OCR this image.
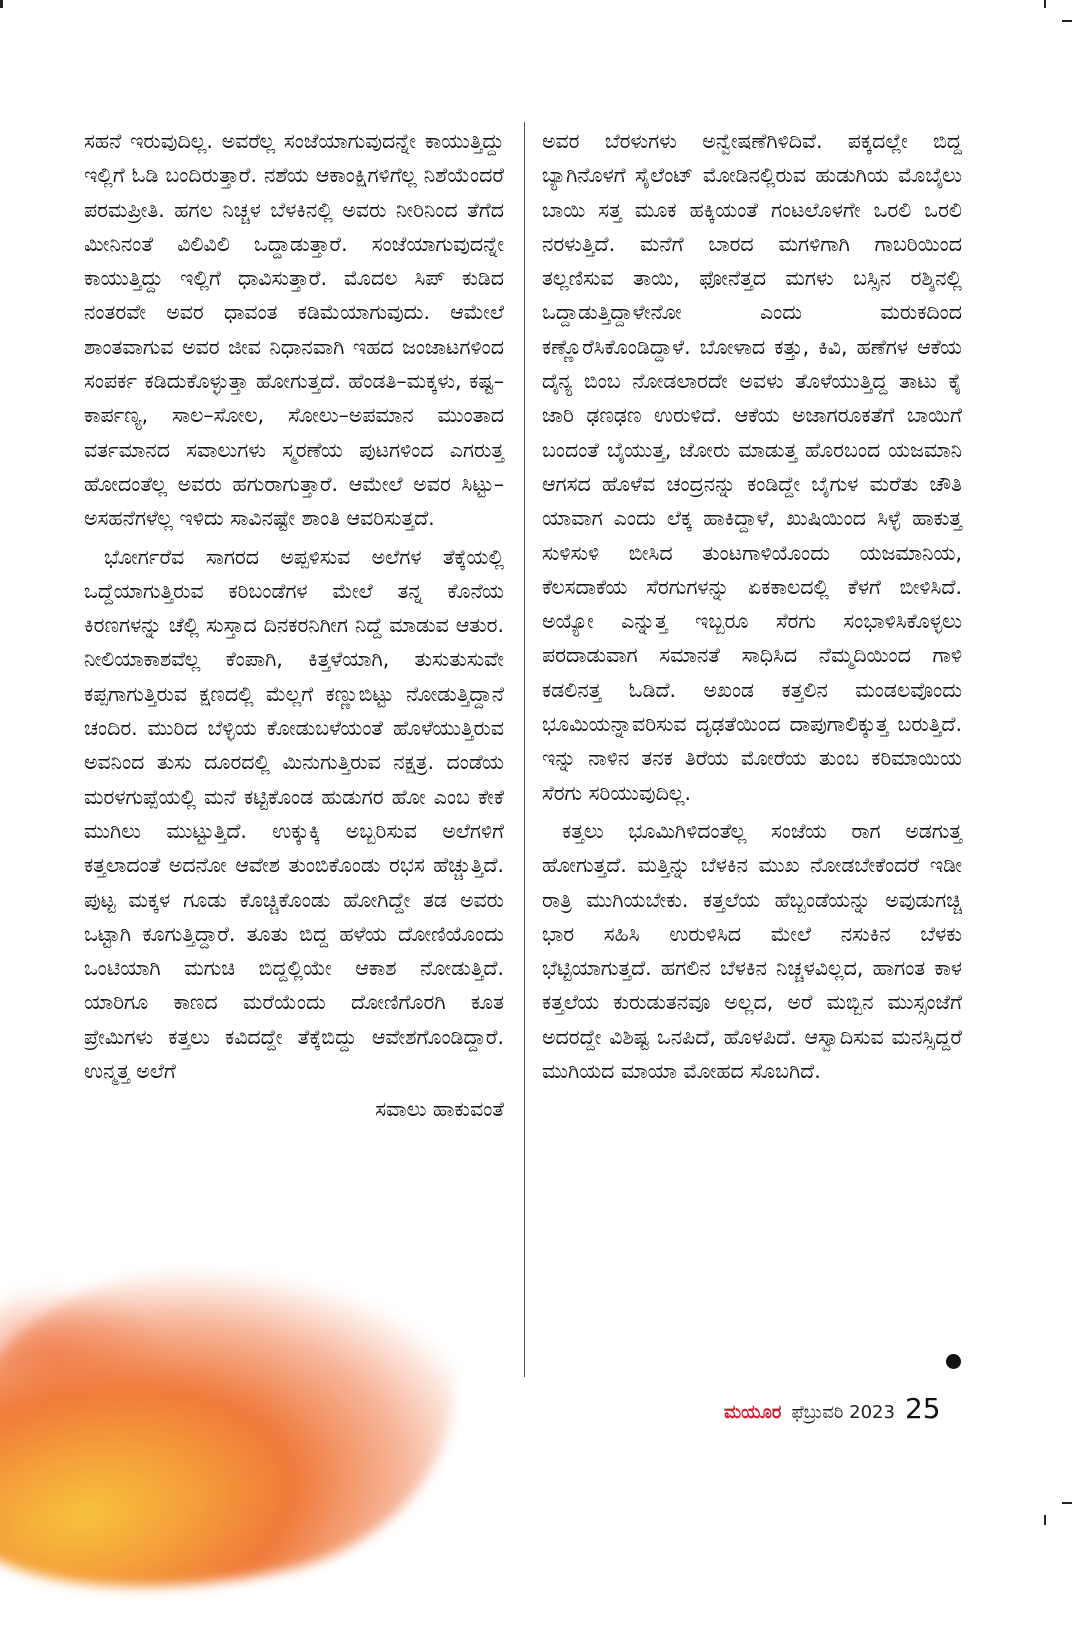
ಸಹನೆ ಇರುವುದಿಲ್ಲ. ಅವರೆಲ್ಲ ಸಂಜೆಯಾಗುವುದನ್ನೇ ಕಾಯುತ್ತಿದ್ದು ಇಲ್ಲಿಗೆ ಓಡಿ ಬಂದಿರುತ್ತಾರೆ. ನಶೆಯ ಆಕಾಂಕ್ಷಿಗಳಿಗೆಲ್ಲ ನಿಶೆಯೆಂದರೆ ಪರಮಪ್ರೀತಿ. ಹಗಲ ನಿಚ್ಚಳ ಬೆಳಕಿನಲ್ಲಿ ಅವರು ನೀರಿನಿಂದ ತೆಗೆದ ಮೀನಿನಂತೆ ವಿಲಿವಿಲಿ ಒದ್ದಾಡುತ್ತಾರೆ. ಸಂಜೆಯಾಗುವುದನ್ನೇ ಕಾಯುತ್ತಿದ್ದು ಇಲ್ಲಿಗೆ ಧಾವಿಸುತ್ತಾರೆ. ಮೊದಲ ಸಿಪ್ ಕುಡಿದ ನಂತರವೇ ಅವರ ಧಾವಂತ ಕಡಿಮೆಯಾಗುವುದು. ಆಮೇಲೆ ಶಾಂತವಾಗುವ ಅವರ ಜೀವ ನಿಧಾನವಾಗಿ ಇಹದ ಜಂಜಾಟಗಳಿಂದ ಸಂಪರ್ಕ ಕಡಿದುಕೊಳ್ಳುತ್ತಾ ಹೋಗುತ್ತದೆ. ಹೆಂಡತಿ–ಮಕ್ಕಳು, ಕಷ್ಟ–ಕಾರ್ಪಣ್ಯ, ಸಾಲ–ಸೋಲ, ಸೋಲು–ಅಪಮಾನ ಮುಂತಾದ ವರ್ತಮಾನದ ಸವಾಲುಗಳು ಸ್ಮರಣೆಯ ಪುಟಗಳಿಂದ ಎಗರುತ್ತ ಹೋದಂತೆಲ್ಲ ಅವರು ಹಗುರಾಗುತ್ತಾರೆ. ಆಮೇಲೆ ಅವರ ಸಿಟ್ಟು–ಅಸಹನೆಗಳೆಲ್ಲ ಇಳಿದು ಸಾವಿನಷ್ಟೇ ಶಾಂತಿ ಆವರಿಸುತ್ತದೆ.

ಭೋರ್ಗರೆವ ಸಾಗರದ ಅಪ್ಪಳಿಸುವ ಅಲೆಗಳ ತೆಕ್ಕೆಯಲ್ಲಿ ಒದ್ದೆಯಾಗುತ್ತಿರುವ ಕರಿಬಂಡೆಗಳ ಮೇಲೆ ತನ್ನ ಕೊನೆಯ ಕಿರಣಗಳನ್ನು ಚೆಲ್ಲಿ ಸುಸ್ತಾದ ದಿನಕರನಿಗೀಗ ನಿದ್ದೆ ಮಾಡುವ ಆತುರ. ನೀಲಿಯಾಕಾಶವೆಲ್ಲ ಕೆಂಪಾಗಿ, ಕಿತ್ತಳೆಯಾಗಿ, ತುಸುತುಸುವೇ ಕಪ್ಪಗಾಗುತ್ತಿರುವ ಕ್ಷಣದಲ್ಲಿ ಮೆಲ್ಲಗೆ ಕಣ್ಣುಬಿಟ್ಟು ನೋಡುತ್ತಿದ್ದಾನೆ ಚಂದಿರ. ಮುರಿದ ಬೆಳ್ಳಿಯ ಕೋಡುಬಳೆಯಂತೆ ಹೊಳೆಯುತ್ತಿರುವ ಅವನಿಂದ ತುಸು ದೂರದಲ್ಲಿ ಮಿನುಗುತ್ತಿರುವ ನಕ್ಷತ್ರ. ದಂಡೆಯ ಮರಳಗುಪ್ಪೆಯಲ್ಲಿ ಮನೆ ಕಟ್ಟಿಕೊಂಡ ಹುಡುಗರ ಹೋ ಎಂಬ ಕೇಕೆ ಮುಗಿಲು ಮುಟ್ಟುತ್ತಿದೆ. ಉಕ್ಕುಕ್ಕಿ ಅಬ್ಬರಿಸುವ ಅಲೆಗಳಿಗೆ ಕತ್ತಲಾದಂತೆ ಅದನೋ ಆವೇಶ ತುಂಬಿಕೊಂಡು ರಭಸ ಹೆಚ್ಚುತ್ತಿದೆ. ಪುಟ್ಟ ಮಕ್ಕಳ ಗೂಡು ಕೊಚ್ಚಿಕೊಂಡು ಹೋಗಿದ್ದೇ ತಡ ಅವರು ಒಟ್ಟಾಗಿ ಕೂಗುತ್ತಿದ್ದಾರೆ. ತೂತು ಬಿದ್ದ ಹಳೆಯ ದೋಣಿಯೊಂದು ಒಂಟಿಯಾಗಿ ಮಗುಚಿ ಬಿದ್ದಲ್ಲಿಯೇ ಆಕಾಶ ನೋಡುತ್ತಿದೆ. ಯಾರಿಗೂ ಕಾಣದ ಮರೆಯೆಂದು ದೋಣಿಗೊರಗಿ ಕೂತ ಪ್ರೇಮಿಗಳು ಕತ್ತಲು ಕವಿದದ್ದೇ ತೆಕ್ಕೆಬಿದ್ದು ಆವೇಶಗೊಂಡಿದ್ದಾರೆ. ಉನ್ಮತ್ತ ಅಲೆಗೆ

ಸವಾಲು ಹಾಕುವಂತೆ

ಅವರ ಬೆರಳುಗಳು ಅನ್ವೇಷಣೆಗಿಳಿದಿವೆ. ಪಕ್ಕದಲ್ಲೇ ಬಿದ್ದ ಬ್ಯಾಗಿನೊಳಗೆ ಸೈಲೆಂಟ್ ಮೋಡಿನಲ್ಲಿರುವ ಹುಡುಗಿಯ ಮೊಬೈಲು ಬಾಯಿ ಸತ್ತ ಮೂಕ ಹಕ್ಕಿಯಂತೆ ಗಂಟಲೊಳಗೇ ಒರಲಿ ಒರಲಿ ನರಳುತ್ತಿದೆ. ಮನೆಗೆ ಬಾರದ ಮಗಳಿಗಾಗಿ ಗಾಬರಿಯಿಂದ ತಲ್ಲಣಿಸುವ ತಾಯಿ, ಫೋನೆತ್ತದ ಮಗಳು ಬಸ್ಸಿನ ರಶ್ಶಿನಲ್ಲಿ ಒದ್ದಾಡುತ್ತಿದ್ದಾಳೇನೋ ಎಂದು ಮರುಕದಿಂದ ಕಣ್ಣೊರೆಸಿಕೊಂಡಿದ್ದಾಳೆ. ಬೋಳಾದ ಕತ್ತು, ಕಿವಿ, ಹಣೆಗಳ ಆಕೆಯ ದೈನ್ಯ ಬಿಂಬ ನೋಡಲಾರದೇ ಅವಳು ತೊಳೆಯುತ್ತಿದ್ದ ತಾಟು ಕೈ ಜಾರಿ ಢಣಢಣ ಉರುಳಿದೆ. ಆಕೆಯ ಅಜಾಗರೂಕತೆಗೆ ಬಾಯಿಗೆ ಬಂದಂತೆ ಬೈಯುತ್ತ, ಜೋರು ಮಾಡುತ್ತ ಹೊರಬಂದ ಯಜಮಾನಿ ಆಗಸದ ಹೊಳೆವ ಚಂದ್ರನನ್ನು ಕಂಡಿದ್ದೇ ಬೈಗುಳ ಮರೆತು ಚೌತಿ ಯಾವಾಗ ಎಂದು ಲೆಕ್ಕ ಹಾಕಿದ್ದಾಳೆ, ಖುಷಿಯಿಂದ ಸಿಳ್ಳೆ ಹಾಕುತ್ತ ಸುಳಿಸುಳಿ ಬೀಸಿದ ತುಂಟಗಾಳಿಯೊಂದು ಯಜಮಾನಿಯ, ಕೆಲಸದಾಕೆಯ ಸೆರಗುಗಳನ್ನು ಏಕಕಾಲದಲ್ಲಿ ಕೆಳಗೆ ಬೀಳಿಸಿದೆ. ಅಯ್ಯೋ ಎನ್ನುತ್ತ ಇಬ್ಬರೂ ಸೆರಗು ಸಂಭಾಳಿಸಿಕೊಳ್ಳಲು ಪರದಾಡುವಾಗ ಸಮಾನತೆ ಸಾಧಿಸಿದ ನೆಮ್ಮದಿಯಿಂದ ಗಾಳಿ ಕಡಲಿನತ್ತ ಓಡಿದೆ. ಅಖಂಡ ಕತ್ತಲಿನ ಮಂಡಲವೊಂದು ಭೂಮಿಯನ್ನಾವರಿಸುವ ದೃಢತೆಯಿಂದ ದಾಪುಗಾಲಿಕ್ಕುತ್ತ ಬರುತ್ತಿದೆ. ಇನ್ನು ನಾಳಿನ ತನಕ ತಿರೆಯ ಮೋರೆಯ ತುಂಬ ಕರಿಮಾಯಿಯ ಸೆರಗು ಸರಿಯುವುದಿಲ್ಲ.

ಕತ್ತಲು ಭೂಮಿಗಿಳಿದಂತೆಲ್ಲ ಸಂಜೆಯ ರಾಗ ಅಡಗುತ್ತ ಹೋಗುತ್ತದೆ. ಮತ್ತಿನ್ನು ಬೆಳಕಿನ ಮುಖ ನೋಡಬೇಕೆಂದರೆ ಇಡೀ ರಾತ್ರಿ ಮುಗಿಯಬೇಕು. ಕತ್ತಲೆಯ ಹೆಬ್ಬಂಡೆಯನ್ನು ಅವುಡುಗಚ್ಚಿ ಭಾರ ಸಹಿಸಿ ಉರುಳಿಸಿದ ಮೇಲೆ ನಸುಕಿನ ಬೆಳಕು ಭೆಟ್ಟಿಯಾಗುತ್ತದೆ. ಹಗಲಿನ ಬೆಳಕಿನ ನಿಚ್ಚಳವಿಲ್ಲದ, ಹಾಗಂತ ಕಾಳ ಕತ್ತಲೆಯ ಕುರುಡುತನವೂ ಅಲ್ಲದ, ಅರೆ ಮಬ್ಬಿನ ಮುಸ್ಸಂಜೆಗೆ ಅದರದ್ದೇ ವಿಶಿಷ್ಟ ಒನಪಿದೆ, ಹೊಳಪಿದೆ. ಆಸ್ವಾದಿಸುವ ಮನಸ್ಸಿದ್ದರೆ ಮುಗಿಯದ ಮಾಯಾ ಮೋಹದ ಸೊಬಗಿದೆ.

ಮಯೂರ ಫೆಬ್ರುವರಿ 2023 25
